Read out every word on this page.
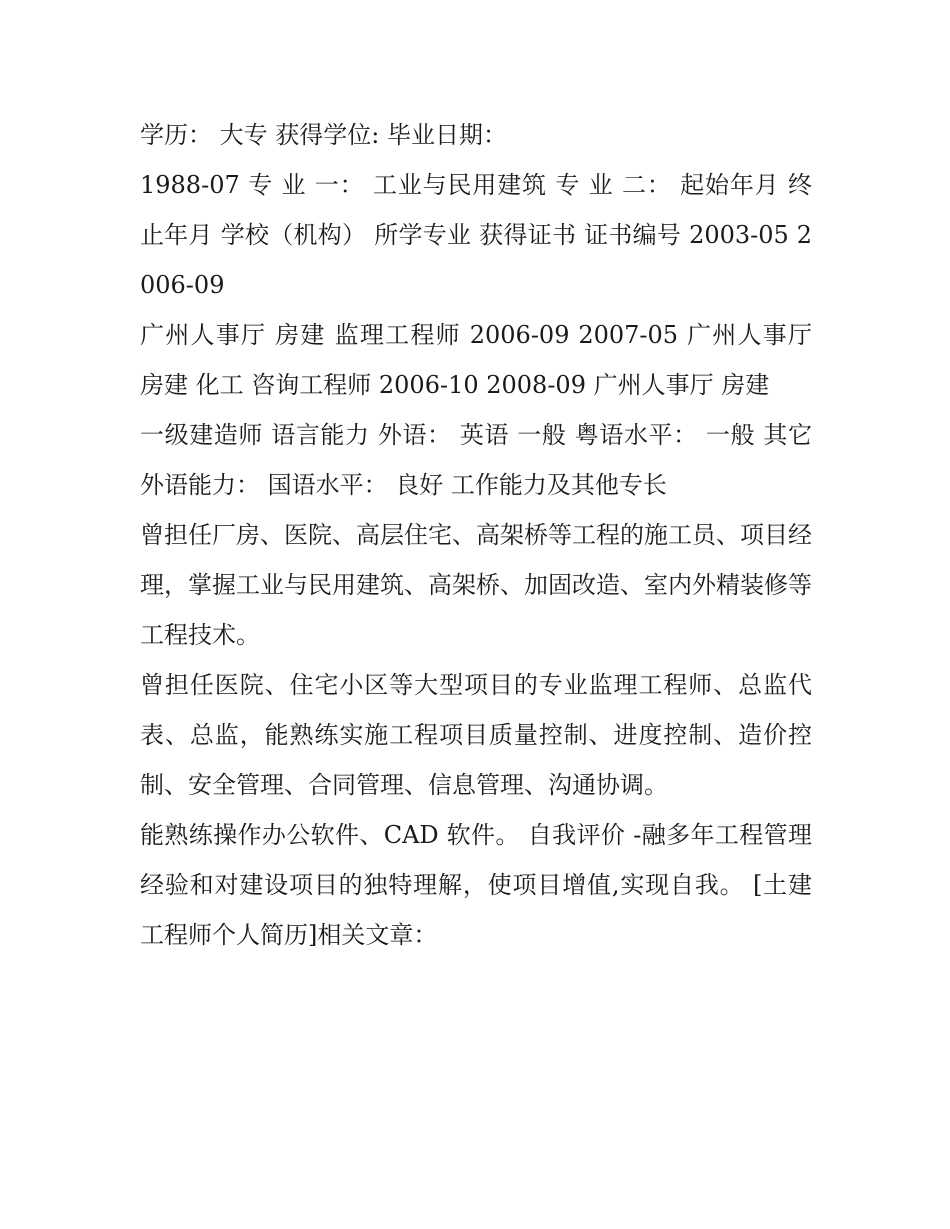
学历： 大专 获得学位: 毕业日期：

1988-07 专 业 一： 工业与民用建筑 专 业 二： 起始年月 终止年月 学校（机构） 所学专业 获得证书 证书编号 2003-05 2006-09

广州人事厅 房建 监理工程师 2006-09 2007-05 广州人事厅 房建 化工 咨询工程师 2006-10 2008-09 广州人事厅 房建

一级建造师 语言能力 外语： 英语 一般 粤语水平： 一般 其它外语能力： 国语水平： 良好 工作能力及其他专长

曾担任厂房、医院、高层住宅、高架桥等工程的施工员、项目经理，掌握工业与民用建筑、高架桥、加固改造、室内外精装修等工程技术。

曾担任医院、住宅小区等大型项目的专业监理工程师、总监代表、总监，能熟练实施工程项目质量控制、进度控制、造价控制、安全管理、合同管理、信息管理、沟通协调。

能熟练操作办公软件、CAD 软件。 自我评价 -融多年工程管理经验和对建设项目的独特理解，使项目增值,实现自我。 [土建工程师个人简历]相关文章：
